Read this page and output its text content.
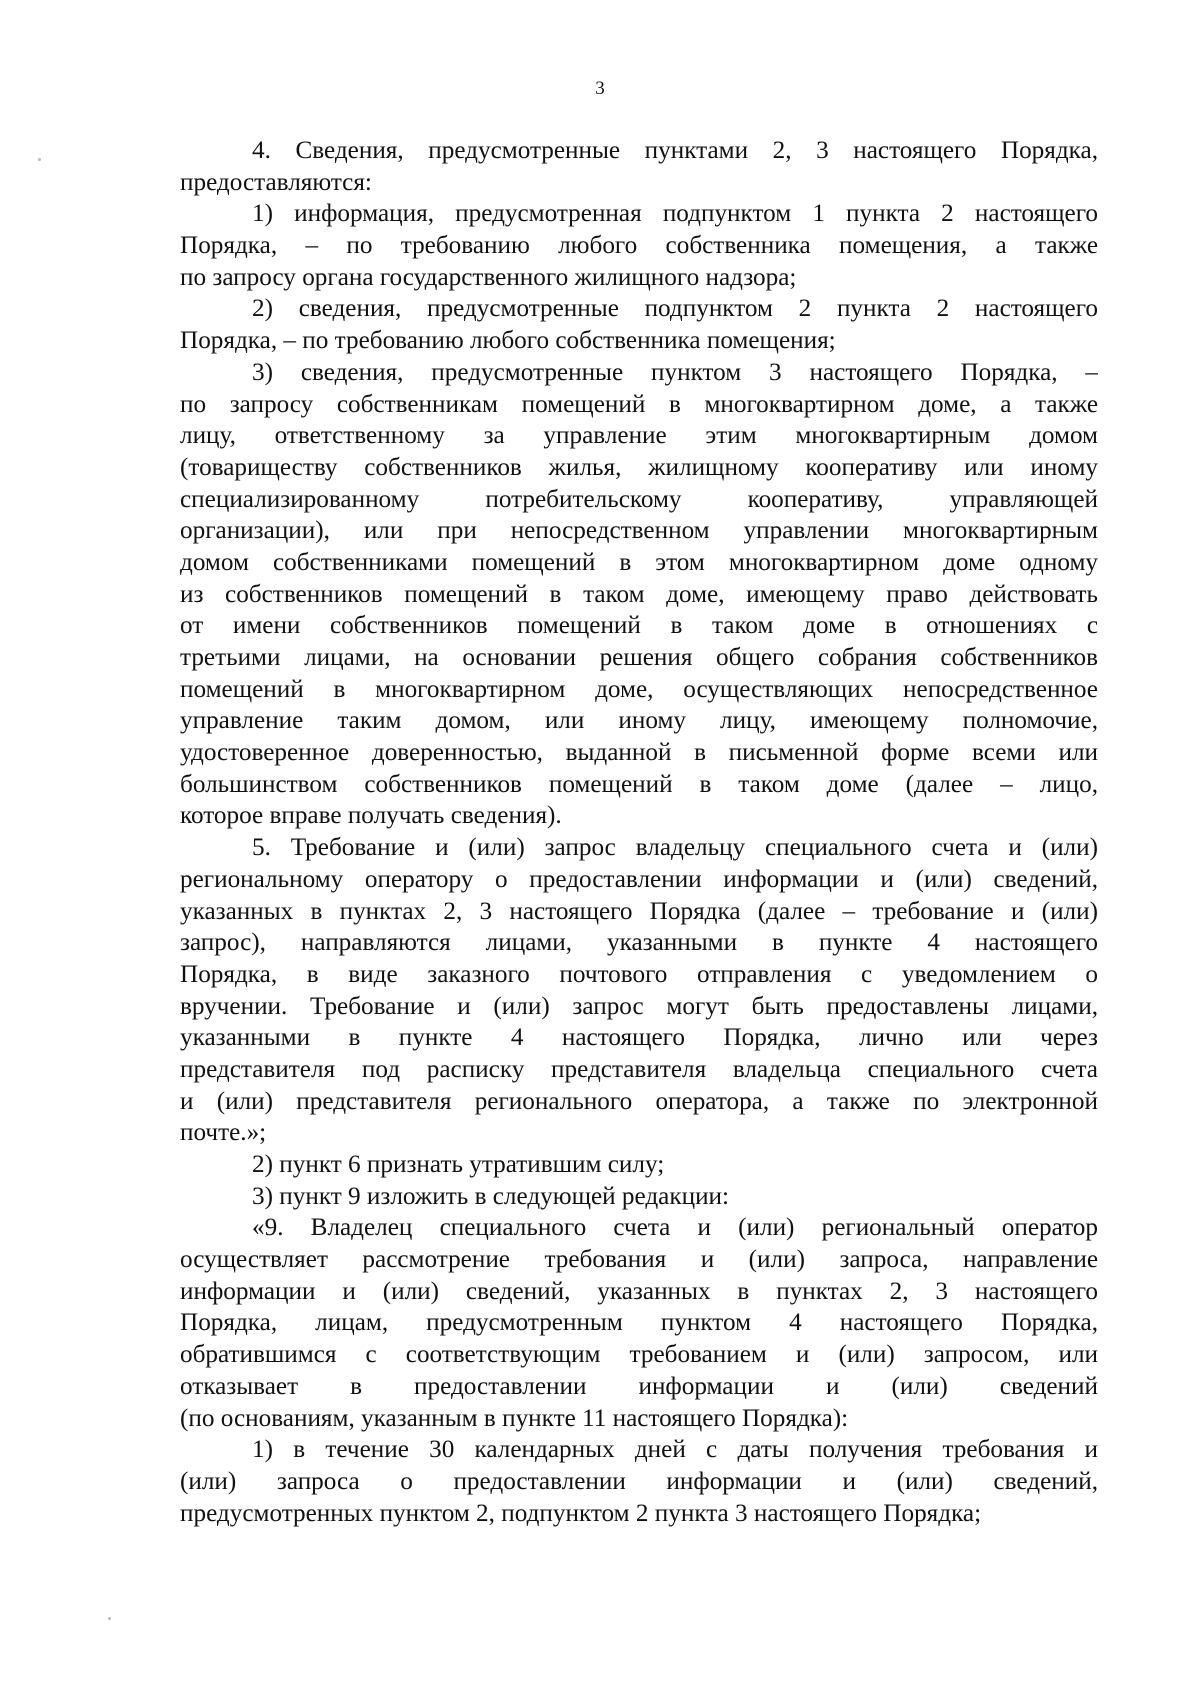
3
4. Сведения, предусмотренные пунктами 2, 3 настоящего Порядка,
предоставляются:
1) информация, предусмотренная подпунктом 1 пункта 2 настоящего
Порядка, – по требованию любого собственника помещения, а также
по запросу органа государственного жилищного надзора;
2) сведения, предусмотренные подпунктом 2 пункта 2 настоящего
Порядка, – по требованию любого собственника помещения;
3) сведения, предусмотренные пунктом 3 настоящего Порядка, –
по запросу собственникам помещений в многоквартирном доме, а также
лицу, ответственному за управление этим многоквартирным домом
(товариществу собственников жилья, жилищному кооперативу или иному
специализированному потребительскому кооперативу, управляющей
организации), или при непосредственном управлении многоквартирным
домом собственниками помещений в этом многоквартирном доме одному
из собственников помещений в таком доме, имеющему право действовать
от имени собственников помещений в таком доме в отношениях с
третьими лицами, на основании решения общего собрания собственников
помещений в многоквартирном доме, осуществляющих непосредственное
управление таким домом, или иному лицу, имеющему полномочие,
удостоверенное доверенностью, выданной в письменной форме всеми или
большинством собственников помещений в таком доме (далее – лицо,
которое вправе получать сведения).
5. Требование и (или) запрос владельцу специального счета и (или)
региональному оператору о предоставлении информации и (или) сведений,
указанных в пунктах 2, 3 настоящего Порядка (далее – требование и (или)
запрос), направляются лицами, указанными в пункте 4 настоящего
Порядка, в виде заказного почтового отправления с уведомлением о
вручении. Требование и (или) запрос могут быть предоставлены лицами,
указанными в пункте 4 настоящего Порядка, лично или через
представителя под расписку представителя владельца специального счета
и (или) представителя регионального оператора, а также по электронной
почте.»;
2) пункт 6 признать утратившим силу;
3) пункт 9 изложить в следующей редакции:
«9. Владелец специального счета и (или) региональный оператор
осуществляет рассмотрение требования и (или) запроса, направление
информации и (или) сведений, указанных в пунктах 2, 3 настоящего
Порядка, лицам, предусмотренным пунктом 4 настоящего Порядка,
обратившимся с соответствующим требованием и (или) запросом, или
отказывает в предоставлении информации и (или) сведений
(по основаниям, указанным в пункте 11 настоящего Порядка):
1) в течение 30 календарных дней с даты получения требования и
(или) запроса о предоставлении информации и (или) сведений,
предусмотренных пунктом 2, подпунктом 2 пункта 3 настоящего Порядка;
